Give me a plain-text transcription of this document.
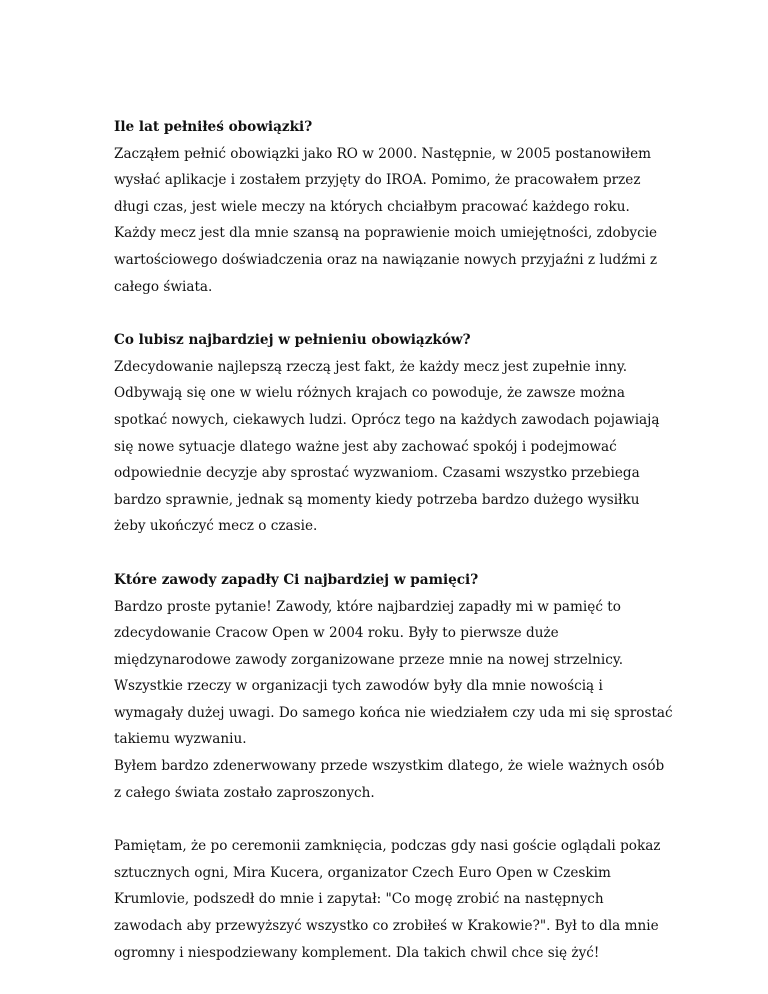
Ile lat pełniłeś obowiązki?

Zacząłem pełnić obowiązki jako RO w 2000. Następnie, w 2005 postanowiłem wysłać aplikacje i zostałem przyjęty do IROA. Pomimo, że pracowałem przez długi czas, jest wiele meczy na których chciałbym pracować każdego roku. Każdy mecz jest dla mnie szansą na poprawienie moich umiejętności, zdobycie wartościowego doświadczenia oraz na nawiązanie nowych przyjaźni z ludźmi z całego świata.

Co lubisz najbardziej w pełnieniu obowiązków?

Zdecydowanie najlepszą rzeczą jest fakt, że każdy mecz jest zupełnie inny. Odbywają się one w wielu różnych krajach co powoduje, że zawsze można spotkać nowych, ciekawych ludzi. Oprócz tego na każdych zawodach pojawiają się nowe sytuacje dlatego ważne jest aby zachować spokój i podejmować odpowiednie decyzje aby sprostać wyzwaniom. Czasami wszystko przebiega bardzo sprawnie, jednak są momenty kiedy potrzeba bardzo dużego wysiłku żeby ukończyć mecz o czasie.

Które zawody zapadły Ci najbardziej w pamięci?

Bardzo proste pytanie! Zawody, które najbardziej zapadły mi w pamięć to zdecydowanie Cracow Open w 2004 roku. Były to pierwsze duże międzynarodowe zawody zorganizowane przeze mnie na nowej strzelnicy. Wszystkie rzeczy w organizacji tych zawodów były dla mnie nowością i wymagały dużej uwagi. Do samego końca nie wiedziałem czy uda mi się sprostać takiemu wyzwaniu.

Byłem bardzo zdenerwowany przede wszystkim dlatego, że wiele ważnych osób z całego świata zostało zaproszonych.

Pamiętam, że po ceremonii zamknięcia, podczas gdy nasi goście oglądali pokaz sztucznych ogni, Mira Kucera, organizator Czech Euro Open w Czeskim Krumlovie, podszedł do mnie i zapytał: "Co mogę zrobić na następnych zawodach aby przewyższyć wszystko co zrobiłeś w Krakowie?". Był to dla mnie ogromny i niespodziewany komplement. Dla takich chwil chce się żyć!
